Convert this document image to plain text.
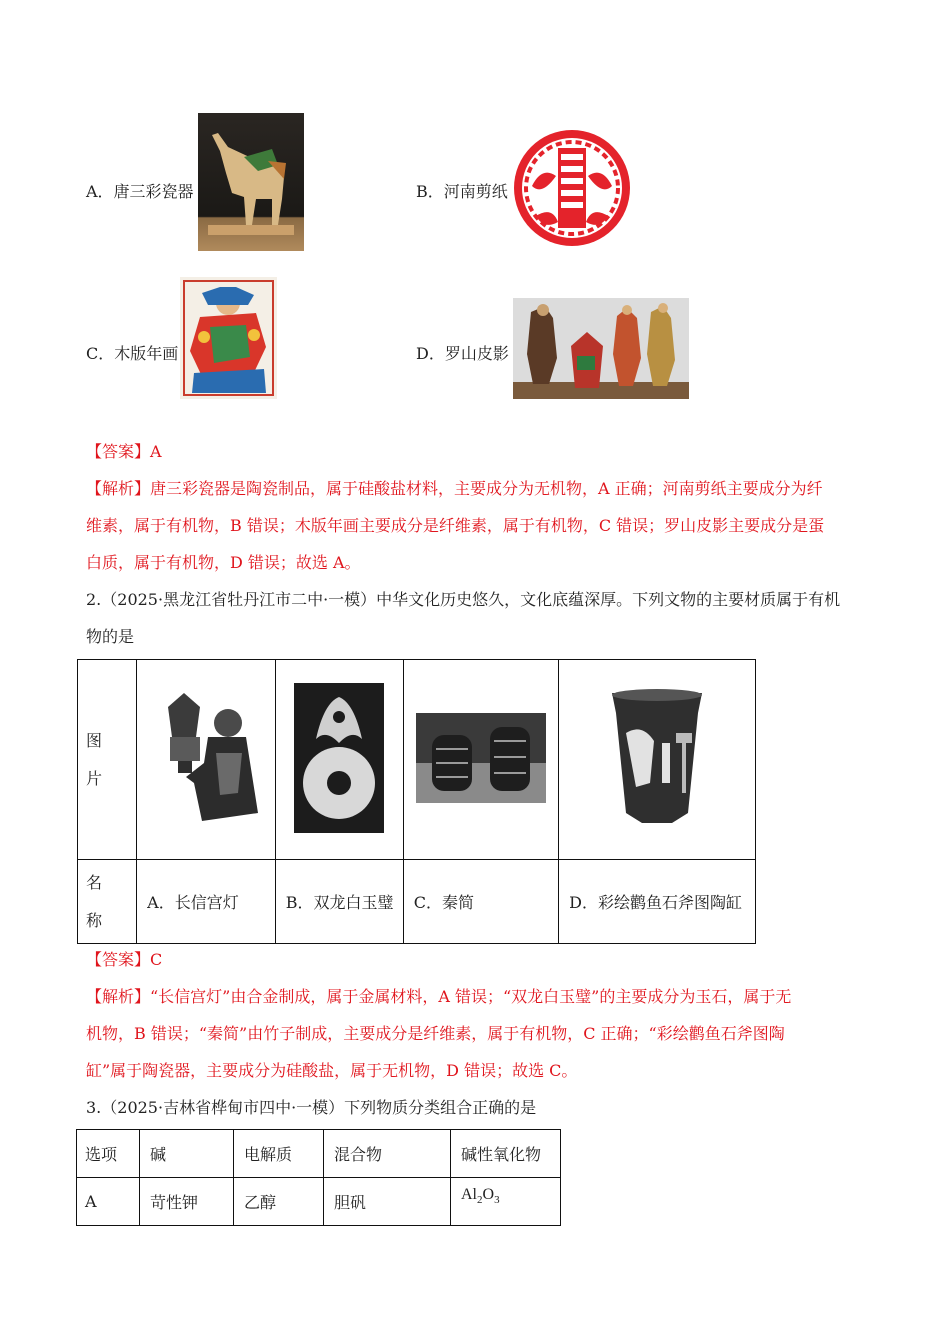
A．唐三彩瓷器	B．河南剪纸
C．木版年画	D．罗山皮影
【答案】A
【解析】唐三彩瓷器是陶瓷制品，属于硅酸盐材料，主要成分为无机物，A 正确；河南剪纸主要成分为纤
维素，属于有机物，B 错误；木版年画主要成分是纤维素，属于有机物，C 错误；罗山皮影主要成分是蛋
白质，属于有机物，D 错误；故选 A。
2.（2025·黑龙江省牡丹江市二中·一模）中华文化历史悠久，文化底蕴深厚。下列文物的主要材质属于有机
物的是
图
片

名
称	A．长信宫灯	B．双龙白玉璧	C．秦简	D．彩绘鹳鱼石斧图陶缸
【答案】C
【解析】“长信宫灯”由合金制成，属于金属材料，A 错误；“双龙白玉璧”的主要成分为玉石，属于无
机物，B 错误；“秦简”由竹子制成，主要成分是纤维素，属于有机物，C 正确；“彩绘鹳鱼石斧图陶
缸”属于陶瓷器，主要成分为硅酸盐，属于无机物，D 错误；故选 C。
3.（2025·吉林省桦甸市四中·一模）下列物质分类组合正确的是
选项	碱	电解质	混合物	碱性氧化物
A	苛性钾	乙醇	胆矾	$Al_2O_3$
